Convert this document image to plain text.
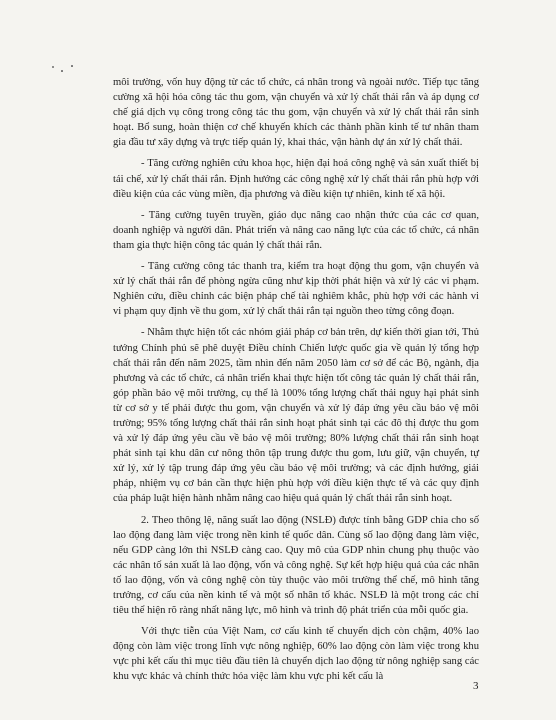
môi trường, vốn huy động từ các tổ chức, cá nhân trong và ngoài nước. Tiếp tục tăng cường xã hội hóa công tác thu gom, vận chuyển và xử lý chất thải rắn và áp dụng cơ chế giá dịch vụ công trong công tác thu gom, vận chuyển và xử lý chất thải rắn sinh hoạt. Bổ sung, hoàn thiện cơ chế khuyến khích các thành phần kinh tế tư nhân tham gia đầu tư xây dựng và trực tiếp quản lý, khai thác, vận hành dự án xử lý chất thải.

- Tăng cường nghiên cứu khoa học, hiện đại hoá công nghệ và sản xuất thiết bị tái chế, xử lý chất thải rắn. Định hướng các công nghệ xử lý chất thải rắn phù hợp với điều kiện của các vùng miền, địa phương và điều kiện tự nhiên, kinh tế xã hội.

- Tăng cường tuyên truyền, giáo dục nâng cao nhận thức của các cơ quan, doanh nghiệp và người dân. Phát triển và nâng cao năng lực của các tổ chức, cá nhân tham gia thực hiện công tác quản lý chất thải rắn.

- Tăng cường công tác thanh tra, kiểm tra hoạt động thu gom, vận chuyển và xử lý chất thải rắn để phòng ngừa cũng như kịp thời phát hiện và xử lý các vi phạm. Nghiên cứu, điều chỉnh các biện pháp chế tài nghiêm khắc, phù hợp với các hành vi vi phạm quy định về thu gom, xử lý chất thải rắn tại nguồn theo từng công đoạn.

- Nhằm thực hiện tốt các nhóm giải pháp cơ bản trên, dự kiến thời gian tới, Thủ tướng Chính phủ sẽ phê duyệt Điều chỉnh Chiến lược quốc gia về quản lý tổng hợp chất thải rắn đến năm 2025, tầm nhìn đến năm 2050 làm cơ sở để các Bộ, ngành, địa phương và các tổ chức, cá nhân triển khai thực hiện tốt công tác quản lý chất thải rắn, góp phần bảo vệ môi trường, cụ thể là 100% tổng lượng chất thải nguy hại phát sinh từ cơ sở y tế phải được thu gom, vận chuyển và xử lý đáp ứng yêu cầu bảo vệ môi trường; 95% tổng lượng chất thải rắn sinh hoạt phát sinh tại các đô thị được thu gom và xử lý đáp ứng yêu cầu về bảo vệ môi trường; 80% lượng chất thải rắn sinh hoạt phát sinh tại khu dân cư nông thôn tập trung được thu gom, lưu giữ, vận chuyển, tự xử lý, xử lý tập trung đáp ứng yêu cầu bảo vệ môi trường; và các định hướng, giải pháp, nhiệm vụ cơ bản cần thực hiện phù hợp với điều kiện thực tế và các quy định của pháp luật hiện hành nhằm nâng cao hiệu quả quản lý chất thải rắn sinh hoạt.

2. Theo thông lệ, năng suất lao động (NSLĐ) được tính bằng GDP chia cho số lao động đang làm việc trong nền kinh tế quốc dân. Cùng số lao động đang làm việc, nếu GDP càng lớn thì NSLĐ càng cao. Quy mô của GDP nhìn chung phụ thuộc vào các nhân tố sản xuất là lao động, vốn và công nghệ. Sự kết hợp hiệu quả của các nhân tố lao động, vốn và công nghệ còn tùy thuộc vào môi trường thể chế, mô hình tăng trưởng, cơ cấu của nền kinh tế và một số nhân tố khác. NSLĐ là một trong các chỉ tiêu thể hiện rõ ràng nhất năng lực, mô hình và trình độ phát triển của mỗi quốc gia.

Với thực tiễn của Việt Nam, cơ cấu kinh tế chuyển dịch còn chậm, 40% lao động còn làm việc trong lĩnh vực nông nghiệp, 60% lao động còn làm việc trong khu vực phi kết cấu thì mục tiêu đầu tiên là chuyển dịch lao động từ nông nghiệp sang các khu vực khác và chính thức hóa việc làm khu vực phi kết cấu là

3
